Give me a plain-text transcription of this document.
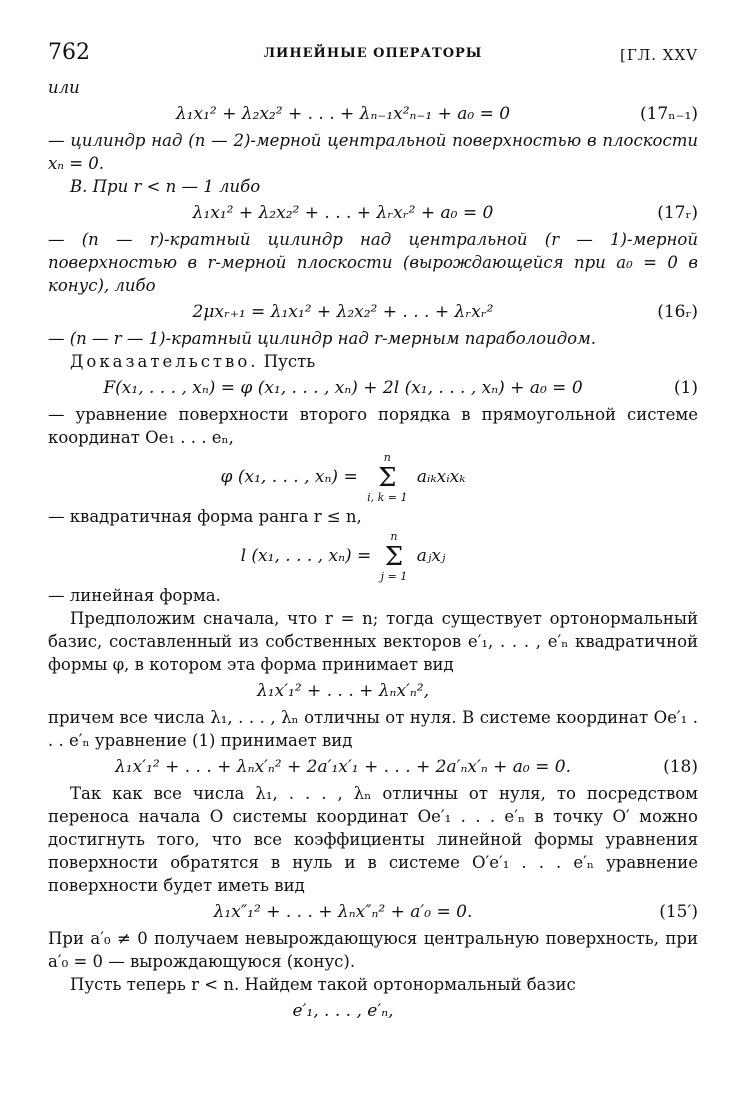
762	ЛИНЕЙНЫЕ ОПЕРАТОРЫ	[ГЛ. XXV

или

λ₁x₁² + λ₂x₂² + . . . + λₙ₋₁x²ₙ₋₁ + a₀ = 0	(17ₙ₋₁)

— цилиндр над (n — 2)-мерной центральной поверхностью в плоскости xₙ = 0.

В. При r < n — 1 либо

λ₁x₁² + λ₂x₂² + . . . + λᵣxᵣ² + a₀ = 0	(17ᵣ)

— (n — r)-кратный цилиндр над центральной (r — 1)-мерной поверхностью в r-мерной плоскости (вырождающейся при a₀ = 0 в конус), либо

2μxᵣ₊₁ = λ₁x₁² + λ₂x₂² + . . . + λᵣxᵣ²	(16ᵣ)

— (n — r — 1)-кратный цилиндр над r-мерным параболоидом.

Доказательство. Пусть

F(x₁, . . . , xₙ) = φ (x₁, . . . , xₙ) + 2l (x₁, . . . , xₙ) + a₀ = 0	(1)

— уравнение поверхности второго порядка в прямоугольной системе координат Oe₁ . . . eₙ,

φ (x₁, . . . , xₙ) =
n
Σ
i, k = 1
aᵢₖxᵢxₖ

— квадратичная форма ранга r ≤ n,

l (x₁, . . . , xₙ) =
n
Σ
j = 1
aⱼxⱼ

— линейная форма.

Предположим сначала, что r = n; тогда существует ортонормальный базис, составленный из собственных векторов e′₁, . . . , e′ₙ квадратичной формы φ, в котором эта форма принимает вид

λ₁x′₁² + . . . + λₙx′ₙ²,

причем все числа λ₁, . . . , λₙ отличны от нуля. В системе координат Oe′₁ . . . e′ₙ уравнение (1) принимает вид

λ₁x′₁² + . . . + λₙx′ₙ² + 2a′₁x′₁ + . . . + 2a′ₙx′ₙ + a₀ = 0.	(18)

Так как все числа λ₁, . . . , λₙ отличны от нуля, то посредством переноса начала O системы координат Oe′₁ . . . e′ₙ в точку O′ можно достигнуть того, что все коэффициенты линейной формы уравнения поверхности обратятся в нуль и в системе O′e′₁ . . . e′ₙ уравнение поверхности будет иметь вид

λ₁x″₁² + . . . + λₙx″ₙ² + a′₀ = 0.	(15′)

При a′₀ ≠ 0 получаем невырождающуюся центральную поверхность, при a′₀ = 0 — вырождающуюся (конус).

Пусть теперь r < n. Найдем такой ортонормальный базис

e′₁, . . . , e′ₙ,
